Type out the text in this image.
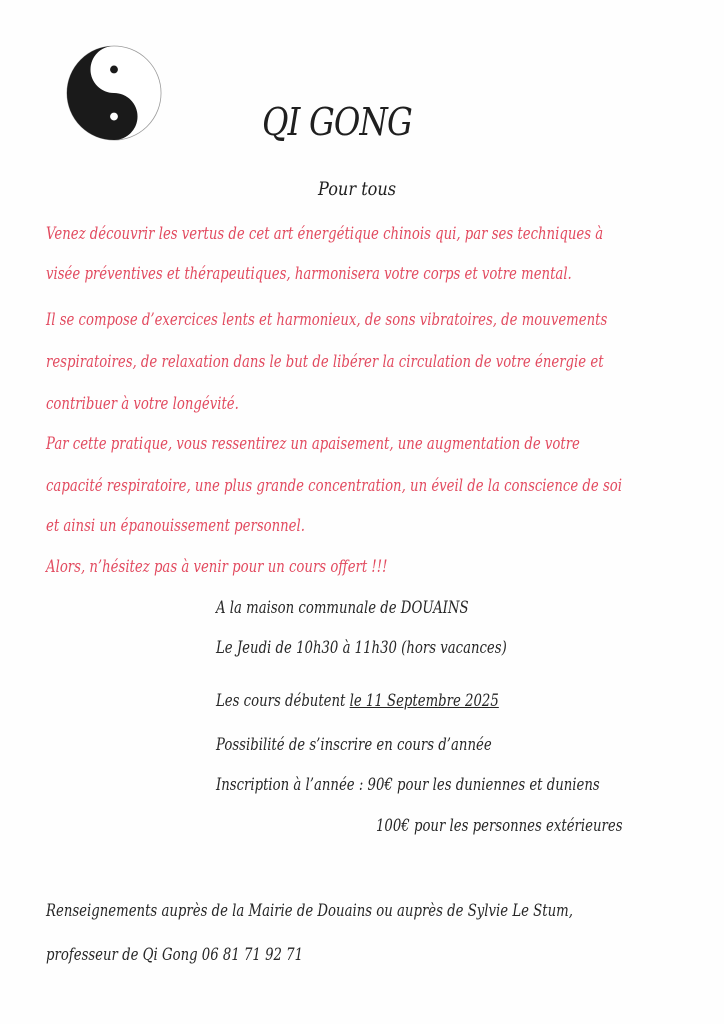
QI GONG
Pour tous
Venez découvrir les vertus de cet art énergétique chinois qui, par ses techniques à
visée préventives et thérapeutiques, harmonisera votre corps et votre mental.
Il se compose d’exercices lents et harmonieux, de sons vibratoires, de mouvements
respiratoires, de relaxation dans le but de libérer la circulation de votre énergie et
contribuer à votre longévité.
Par cette pratique, vous ressentirez un apaisement, une augmentation de votre
capacité respiratoire, une plus grande concentration, un éveil de la conscience de soi
et ainsi un épanouissement personnel.
Alors, n’hésitez pas à venir pour un cours offert !!!
A la maison communale de DOUAINS
Le Jeudi de 10h30 à 11h30 (hors vacances)
Les cours débutent le 11 Septembre 2025
Possibilité de s’inscrire en cours d’année
Inscription à l’année : 90€ pour les duniennes et duniens
100€ pour les personnes extérieures
Renseignements auprès de la Mairie de Douains ou auprès de Sylvie Le Stum,
professeur de Qi Gong 06 81 71 92 71
